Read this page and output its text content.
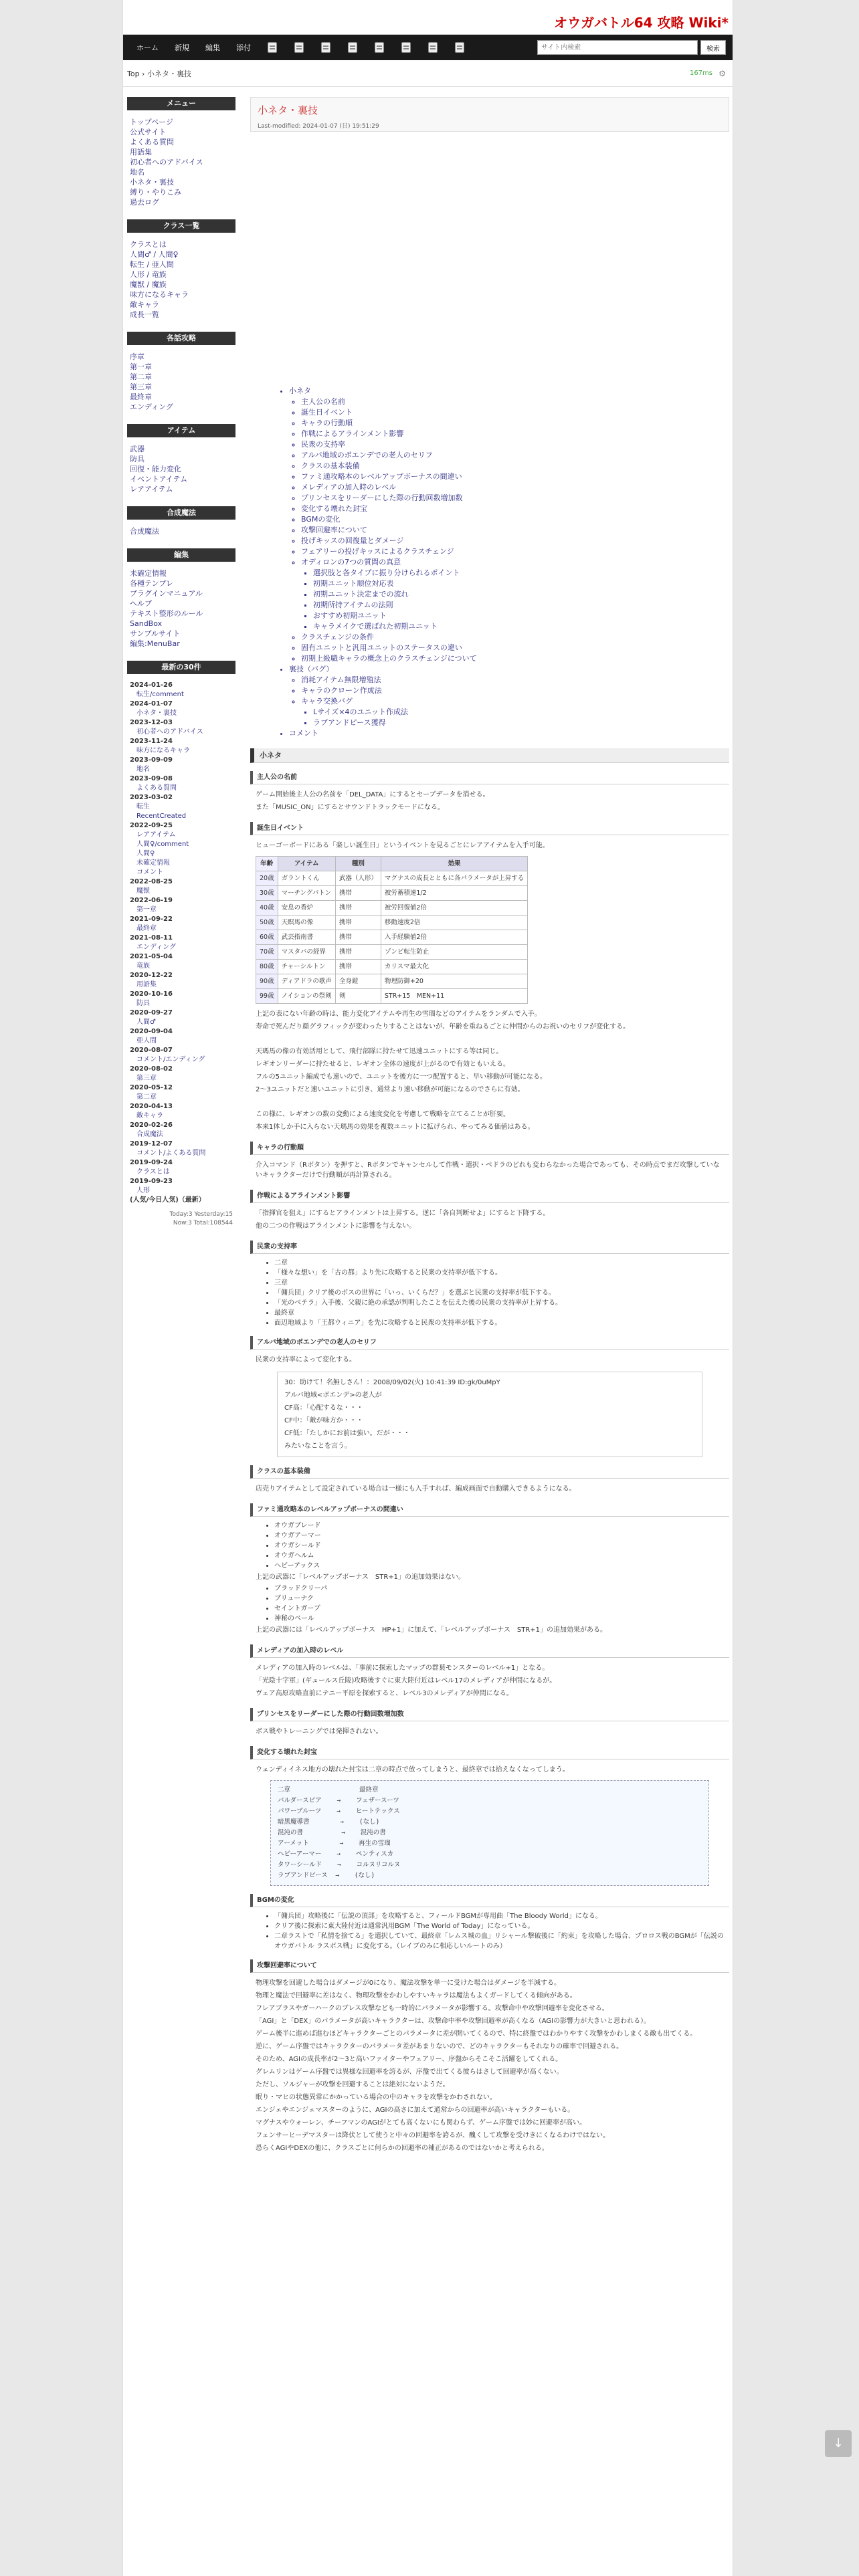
オウガバトル64 攻略 Wiki*
ホーム	新規	編集	添付
サイト内検索	検索
Top › 小ネタ・裏技	167ms ⚙
メニュー
トップページ
公式サイト
よくある質問
用語集
初心者へのアドバイス
地名
小ネタ・裏技
縛り・やりこみ
過去ログ
クラス一覧
クラスとは
人間♂ / 人間♀
転生 / 亜人間
人形 / 竜族
魔獣 / 魔族
味方になるキャラ
敵キャラ
成長一覧
各話攻略
序章
第一章
第二章
第三章
最終章
エンディング
アイテム
武器
防具
回復・能力変化
イベントアイテム
レアアイテム
合成魔法
合成魔法
編集
未確定情報
各種テンプレ
プラグインマニュアル
ヘルプ
テキスト整形のルール
SandBox
サンプルサイト
編集:MenuBar
最新の30件
2024-01-26
転生/comment
2024-01-07
小ネタ・裏技
2023-12-03
初心者へのアドバイス
2023-11-24
味方になるキャラ
2023-09-09
地名
2023-09-08
よくある質問
2023-03-02
転生
RecentCreated
2022-09-25
レアアイテム
人間♀/comment
人間♀
未確定情報
コメント
2022-08-25
魔獣
2022-06-19
第一章
2021-09-22
最終章
2021-08-11
エンディング
2021-05-04
竜族
2020-12-22
用語集
2020-10-16
防具
2020-09-27
人間♂
2020-09-04
亜人間
2020-08-07
コメント/エンディング
2020-08-02
第三章
2020-05-12
第二章
2020-04-13
敵キャラ
2020-02-26
合成魔法
2019-12-07
コメント/よくある質問
2019-09-24
クラスとは
2019-09-23
人形
(人気/今日人気)（最新）
Today:3 Yesterday:15
Now:3 Total:108544
小ネタ・裏技
Last-modified: 2024-01-07 (日) 19:51:29
• 小ネタ
◦ 主人公の名前
◦ 誕生日イベント
◦ キャラの行動順
◦ 作戦によるアラインメント影響
◦ 民衆の支持率
◦ アルバ地域のボエンデでの老人のセリフ
◦ クラスの基本装備
◦ ファミ通攻略本のレベルアップボーナスの間違い
◦ メレディアの加入時のレベル
◦ プリンセスをリーダーにした際の行動回数増加数
◦ 変化する壊れた封宝
◦ BGMの変化
◦ 攻撃回避率について
◦ 投げキッスの回復量とダメージ
◦ フェアリーの投げキッスによるクラスチェンジ
◦ オディロンの7つの質問の真意
▪ 選択肢と各タイプに振り分けられるポイント
▪ 初期ユニット順位対応表
▪ 初期ユニット決定までの流れ
▪ 初期所持アイテムの法則
▪ おすすめ初期ユニット
▪ キャラメイクで選ばれた初期ユニット
◦ クラスチェンジの条件
◦ 固有ユニットと汎用ユニットのステータスの違い
◦ 初期上級職キャラの概念上のクラスチェンジについて
• 裏技（バグ）
◦ 消耗アイテム無限増殖法
◦ キャラのクローン作成法
◦ キャラ交換バグ
▪ Lサイズ×4のユニット作成法
▪ ラブアンドピース獲得
• コメント
小ネタ
主人公の名前
ゲーム開始後主人公の名前を「DEL_DATA」にするとセーブデータを消せる。
また「MUSIC_ON」にするとサウンドトラックモードになる。
誕生日イベント
ヒューゴーボードにある「楽しい誕生日」というイベントを見るごとにレアアイテムを入手可能。
年齢	アイテム	種別	効果
20歳	ガラントくん	武器（人形）	マグナスの成長とともに各パラメータが上昇する
30歳	マーチングバトン	携帯	被労蓄積速1/2
40歳	安息の香炉	携帯	被労回復値2倍
50歳	天瞑馬の像	携帯	移動速度2倍
60歳	武芸指南書	携帯	入手経験値2倍
70歳	マスタバの経界	携帯	ゾンビ転生防止
80歳	チャーシルトン	携帯	カリスマ最大化
90歳	ディアドラの歌声	全身鎧	物理防御+20
99歳	ノイションの祭剣	剣	STR+15　MEN+11
上記の表にない年齢の時は、能力変化アイテムや再生の雪瑠などのアイテムをランダムで入手。
寿命で死んだり顔グラフィックが変わったりすることはないが、年齢を重ねるごとに仲間からのお祝いのセリフが変化する。
天瑪馬の像の有効活用として、飛行部隊に持たせて迅速ユニットにする等は同じ。
レギオンリーダーに持たせると、レギオン全体の速度が上がるので有効ともいえる。
フルの5ユニット編成でも速いので、ユニットを後方に一つ配置すると、早い移動が可能になる。
2〜3ユニットだと速いユニットに引き、通常より速い移動が可能になるのでさらに有効。
この様に、レギオンの数の変動による速度変化を考慮して戦略を立てることが肝要。
本来1体しか手に入らない天瑪馬の効果を複数ユニットに拡げられ、やってみる価値はある。
キャラの行動順
介入コマンド（Rボタン）を押すと、Rボタンでキャンセルして作戦・選択・ペドラのどれも変わらなかった場合であっても、その時点でまだ攻撃していないキャラクターだけで行動順が再計算される。
作戦によるアラインメント影響
「指揮官を狙え」にするとアラインメントは上昇する。逆に「各自判断せよ」にすると下降する。
他の二つの作戦はアラインメントに影響を与えない。
民衆の支持率
• 二章
• 「様々な想い」を「古の都」より先に攻略すると民衆の支持率が低下する。
• 三章
• 「傭兵団」クリア後のボスの世界に「いっ、いくらだ？」を選ぶと民衆の支持率が低下する。
• 「光のベテラ」入手後、父親に絶の承認が判明したことを伝えた後の民衆の支持率が上昇する。
• 最終章
• 面辺地域より「王都ウィニア」を先に攻略すると民衆の支持率が低下する。
アルバ地域のボエンデでの老人のセリフ
民衆の支持率によって変化する。
30：助けて！名無しさん！：2008/09/02(火) 10:41:39 ID:gk/0uMpY
アルバ地域<ボエンデ>の老人が
CF高：「心配するな・・・
CF中：「敵が味方か・・・
CF低：「たしかにお前は強い。だが・・・
みたいなことを言う。
クラスの基本装備
店売りアイテムとして設定されている場合は一様にも入手すれば、編成画面で自動購入できるようになる。
ファミ通攻略本のレベルアップボーナスの間違い
• オウガブレード
• オウガアーマー
• オウガシールド
• オウガヘルム
• ヘビーアックス
上記の武器に「レベルアップボーナス　STR+1」の追加効果はない。
• ブラッドクリーパ
• ブリューナク
• セイントガーブ
• 神秘のベール
上記の武器には「レベルアップボーナス　HP+1」に加えて、「レベルアップボーナス　STR+1」の追加効果がある。
メレディアの加入時のレベル
メレディアの加入時のレベルは、「事前に探索したマップの群葉モンスターのレベル+1」となる。
「光陰十字軍」(ギュールス丘陵)攻略後すぐに東大陸付近はレベル17のメレディアが仲間になるが。
ヴェア高原攻略直前にテニー平原を探索すると、レベル3のメレディアが仲間になる。
プリンセスをリーダーにした際の行動回数増加数
ボス戦やトレーニングでは発揮されない。
変化する壊れた封宝
ウェンディイネス地方の壊れた封宝は二章の時点で放ってしまうと、最終章では拾えなくなってしまう。
二章                  最終章
バルダースピア    →    フェザースーツ
パワーブルーツ    →    ヒートテックス
暗黒魔導書        →    (なし)
混沌の書          →    混沌の書
アーメット        →    再生の雪瑠
ヘビーアーマー    →    ペンティスカ
タワーシールド    →    コルヌリコルヌ
ラブアンドピース  →    (なし)
BGMの変化
• 「傭兵団」攻略後に「伝説の頂部」を攻略すると、フィールドBGMが専用曲「The Bloody World」になる。
• クリア後に探索に東大陸付近は通常汎用BGM「The World of Today」になっている。
• 二章ラストで「私情を捨てる」を選択していて、最終章「レムス城の血」リシャール撃破後に「約束」を攻略した場合、プロロス戦のBGMが「伝説のオウガバトル ラスボス戦」に変化する。（レイブのみに相応しいルートのみ）
攻撃回避率について
物理攻撃を回避した場合はダメージが0になり、魔法攻撃を単一に受けた場合はダメージを半減する。
物理と魔法で回避率に差はなく、物理攻撃をかわしやすいキャラは魔法もよくガードしてくる傾向がある。
フレアブラスやガーハークのブレス攻撃なども一時的にパラメータが影響する。攻撃命中や攻撃回避率を変化させる。
「AGI」と「DEX」のパラメータが高いキャラクターは、攻撃命中率や攻撃回避率が高くなる（AGIの影響力が大きいと思われる）。
ゲーム後半に進めば進むほどキャラクターごとのパラメータに差が開いてくるので、特に終盤ではわかりやすく攻撃をかわしまくる敵も出てくる。
逆に、ゲーム序盤ではキャラクターのパラメータ差があまりないので、どのキャラクターもそれなりの確率で回避される。
そのため、AGIの成長率が2〜3と高いファイターやフェアリー、序盤からそこそこ活躍をしてくれる。
グレムリンはゲーム序盤では異様な回避率を誇るが、序盤で出てくる彼らはさして回避率が高くない。
ただし、ソルジャーが攻撃を回避することは絶対にないようだ。
眠り・マヒの状態異常にかかっている場合の中のキャラを攻撃をかわされない。
エンジェやエンジェマスターのように、AGIの高さに加えて通常からの回避率が高いキャラクターもいる。
マグナスやウォーレン、チーフマンのAGIがとても高くないにも関わらず、ゲーム序盤では妙に回避率が高い。
フェンサーヒーデマスターは降伏として使うと中々の回避率を誇るが、醜くして攻撃を受けきにくなるわけではない。
恐らくAGIやDEXの他に、クラスごとに何らかの回避率の補正があるのではないかと考えられる。
↓
